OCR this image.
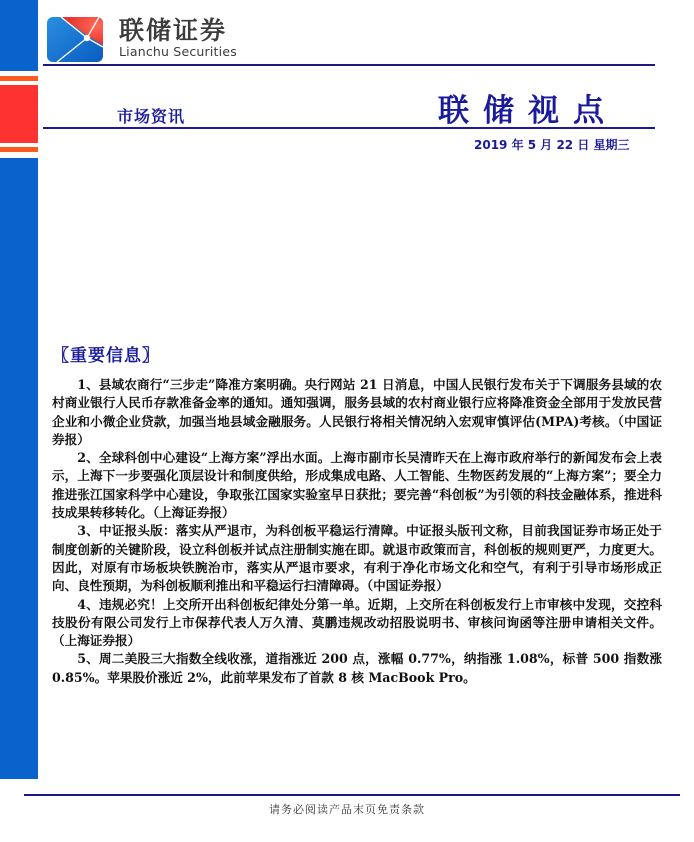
联储证券
Lianchu Securities
市场资讯	联储视点
2019 年 5 月 22 日 星期三
〖重要信息〗

1、县域农商行“三步走”降准方案明确。央行网站 21 日消息，中国人民银行发布关于下调服务县域的农村商业银行人民币存款准备金率的通知。通知强调，服务县域的农村商业银行应将降准资金全部用于发放民营企业和小微企业贷款，加强当地县域金融服务。人民银行将相关情况纳入宏观审慎评估(MPA)考核。（中国证券报）

2、全球科创中心建设“上海方案”浮出水面。上海市副市长吴清昨天在上海市政府举行的新闻发布会上表示，上海下一步要强化顶层设计和制度供给，形成集成电路、人工智能、生物医药发展的“上海方案”；要全力推进张江国家科学中心建设，争取张江国家实验室早日获批；要完善“科创板”为引领的科技金融体系，推进科技成果转移转化。（上海证券报）

3、中证报头版：落实从严退市，为科创板平稳运行清障。中证报头版刊文称，目前我国证券市场正处于制度创新的关键阶段，设立科创板并试点注册制实施在即。就退市政策而言，科创板的规则更严，力度更大。因此，对原有市场板块铁腕治市，落实从严退市要求，有利于净化市场文化和空气，有利于引导市场形成正向、良性预期，为科创板顺利推出和平稳运行扫清障碍。（中国证券报）

4、违规必究！上交所开出科创板纪律处分第一单。近期，上交所在科创板发行上市审核中发现，交控科技股份有限公司发行上市保荐代表人万久清、莫鹏违规改动招股说明书、审核问询函等注册申请相关文件。（上海证券报）

5、周二美股三大指数全线收涨，道指涨近 200 点，涨幅 0.77%，纳指涨 1.08%，标普 500 指数涨 0.85%。苹果股价涨近 2%，此前苹果发布了首款 8 核 MacBook Pro。

请务必阅读产品末页免责条款
